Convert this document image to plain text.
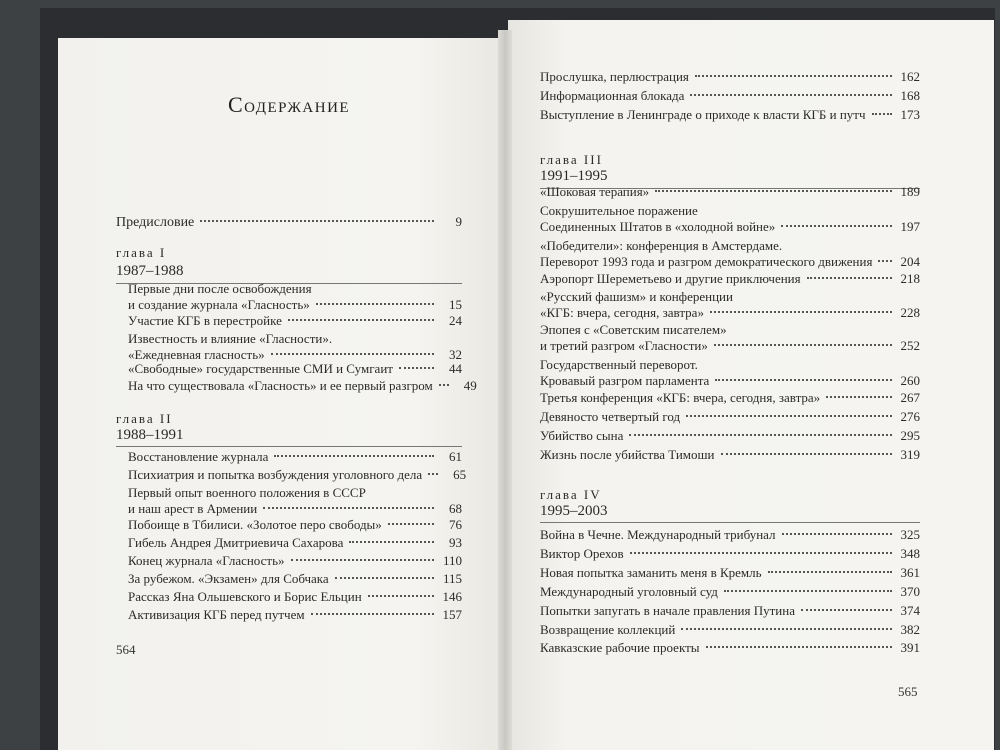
Содержание
Предисловие	9
глава I
1987–1988
Первые дни после освобождения
и создание журнала «Гласность»	15
Участие КГБ в перестройке	24
Известность и влияние «Гласности».
«Ежедневная гласность»	32
«Свободные» государственные СМИ и Сумгаит	44
На что существовала «Гласность» и ее первый разгром	49
глава II
1988–1991
Восстановление журнала	61
Психиатрия и попытка возбуждения уголовного дела	65
Первый опыт военного положения в СССР
и наш арест в Армении	68
Побоище в Тбилиси. «Золотое перо свободы»	76
Гибель Андрея Дмитриевича Сахарова	93
Конец журнала «Гласность»	110
За рубежом. «Экзамен» для Собчака	115
Рассказ Яна Ольшевского и Борис Ельцин	146
Активизация КГБ перед путчем	157
564
Прослушка, перлюстрация	162
Информационная блокада	168
Выступление в Ленинграде о приходе к власти КГБ и путч	173
глава III
1991–1995
«Шоковая терапия»	189
Сокрушительное поражение
Соединенных Штатов в «холодной войне»	197
«Победители»: конференция в Амстердаме.
Переворот 1993 года и разгром демократического движения 204
Аэропорт Шереметьево и другие приключения	218
«Русский фашизм» и конференции
«КГБ: вчера, сегодня, завтра»	228
Эпопея с «Советским писателем»
и третий разгром «Гласности»	252
Государственный переворот.
Кровавый разгром парламента	260
Третья конференция «КГБ: вчера, сегодня, завтра»	267
Девяносто четвертый год	276
Убийство сына	295
Жизнь после убийства Тимоши	319
глава IV
1995–2003
Война в Чечне. Международный трибунал	325
Виктор Орехов	348
Новая попытка заманить меня в Кремль	361
Международный уголовный суд	370
Попытки запугать в начале правления Путина	374
Возвращение коллекций	382
Кавказские рабочие проекты	391
565
